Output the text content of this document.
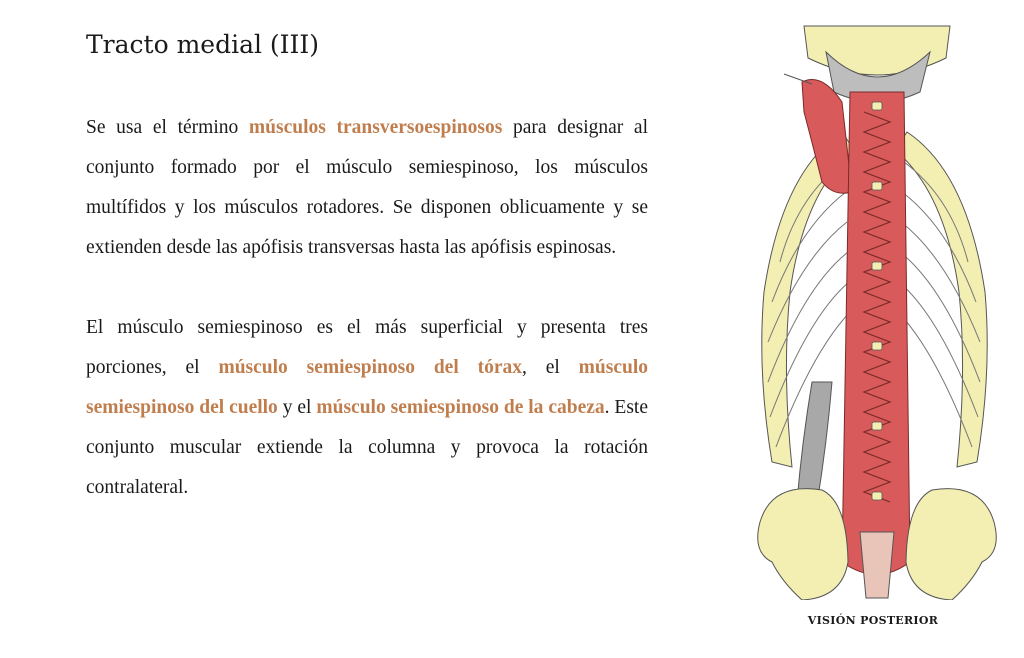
Tracto medial (III)

Se usa el término músculos transversoespinosos para designar al conjunto formado por el músculo semiespinoso, los músculos multífidos y los músculos rotadores. Se disponen oblicuamente y se extienden desde las apófisis transversas hasta las apófisis espinosas.

El músculo semiespinoso es el más superficial y presenta tres porciones, el músculo semiespinoso del tórax, el músculo semiespinoso del cuello y el músculo semiespinoso de la cabeza. Este conjunto muscular extiende la columna y provoca la rotación contralateral.

VISIÓN POSTERIOR
